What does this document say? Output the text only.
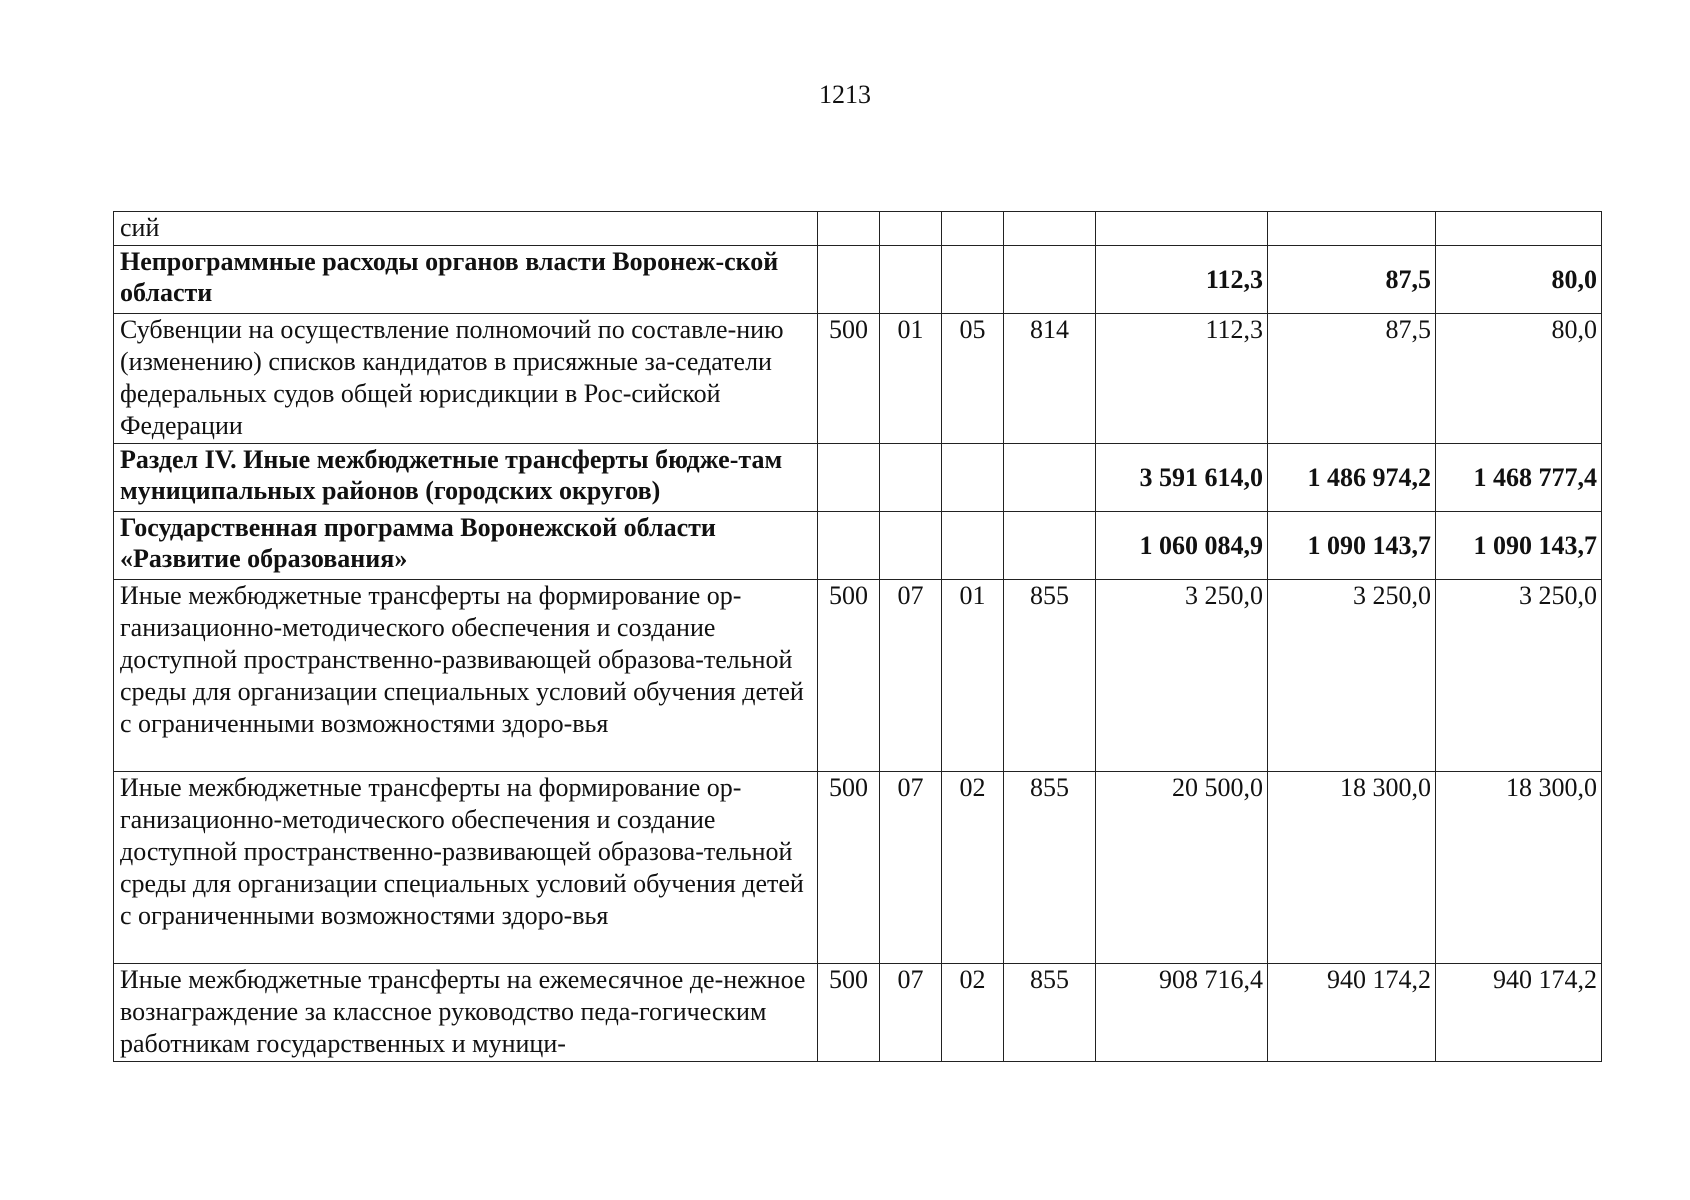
1213
сий							
Непрограммные расходы органов власти Воронеж-ской области					112,3	87,5	80,0
Субвенции на осуществление полномочий по составле-нию (изменению) списков кандидатов в присяжные за-седатели федеральных судов общей юрисдикции в Рос-сийской Федерации	500	01	05	814	112,3	87,5	80,0
Раздел IV. Иные межбюджетные трансферты бюдже-там муниципальных районов (городских округов)					3 591 614,0	1 486 974,2	1 468 777,4
Государственная программа Воронежской области «Развитие образования»					1 060 084,9	1 090 143,7	1 090 143,7
Иные межбюджетные трансферты на формирование ор-ганизационно-методического обеспечения и создание доступной пространственно-развивающей образова-тельной среды для организации специальных условий обучения детей с ограниченными возможностями здоро-вья	500	07	01	855	3 250,0	3 250,0	3 250,0
Иные межбюджетные трансферты на формирование ор-ганизационно-методического обеспечения и создание доступной пространственно-развивающей образова-тельной среды для организации специальных условий обучения детей с ограниченными возможностями здоро-вья	500	07	02	855	20 500,0	18 300,0	18 300,0
Иные межбюджетные трансферты на ежемесячное де-нежное вознаграждение за классное руководство педа-гогическим работникам государственных и муници-	500	07	02	855	908 716,4	940 174,2	940 174,2
